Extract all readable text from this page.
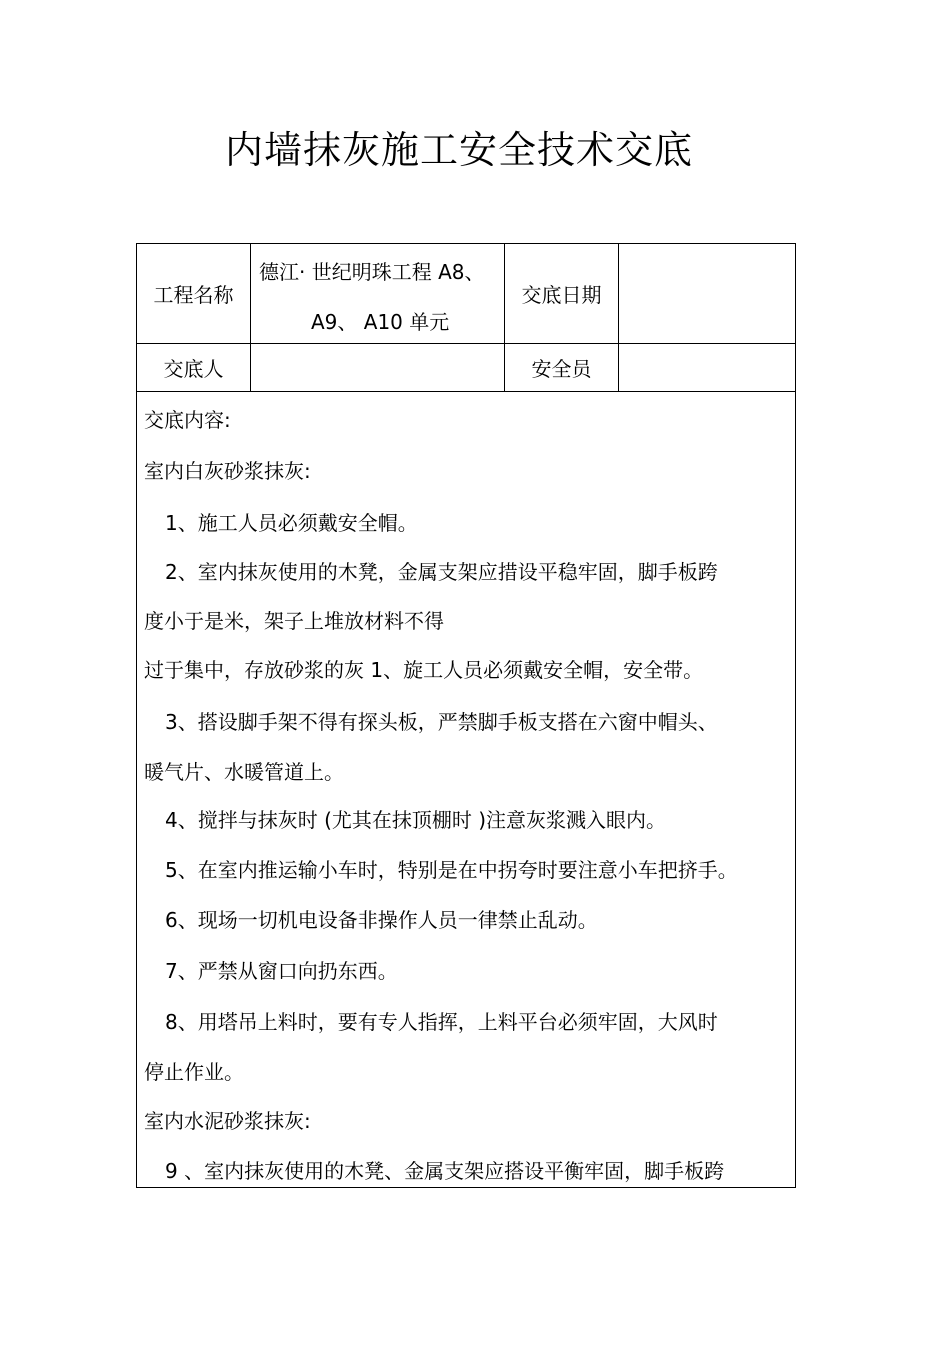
内墙抹灰施工安全技术交底
工程名称
德江· 世纪明珠工程 A8、
A9、 A10 单元
交底日期
交底人	安全员
交底内容:
室内白灰砂浆抹灰:
1、施工人员必须戴安全帽。
2、室内抹灰使用的木凳，金属支架应措设平稳牢固，脚手板跨
度小于是米，架子上堆放材料不得
过于集中，存放砂浆的灰 1、旋工人员必须戴安全帽，安全带。
3、搭设脚手架不得有探头板，严禁脚手板支搭在六窗中帽头、
暖气片、水暖管道上。
4、搅拌与抹灰时 (尤其在抹顶棚时 )注意灰浆溅入眼内。
5、在室内推运输小车时，特别是在中拐夸时要注意小车把挤手。
6、现场一切机电设备非操作人员一律禁止乱动。
7、严禁从窗口向扔东西。
8、用塔吊上料时，要有专人指挥，上料平台必须牢固，大风时
停止作业。
室内水泥砂浆抹灰:
9 、室内抹灰使用的木凳、金属支架应搭设平衡牢固，脚手板跨
